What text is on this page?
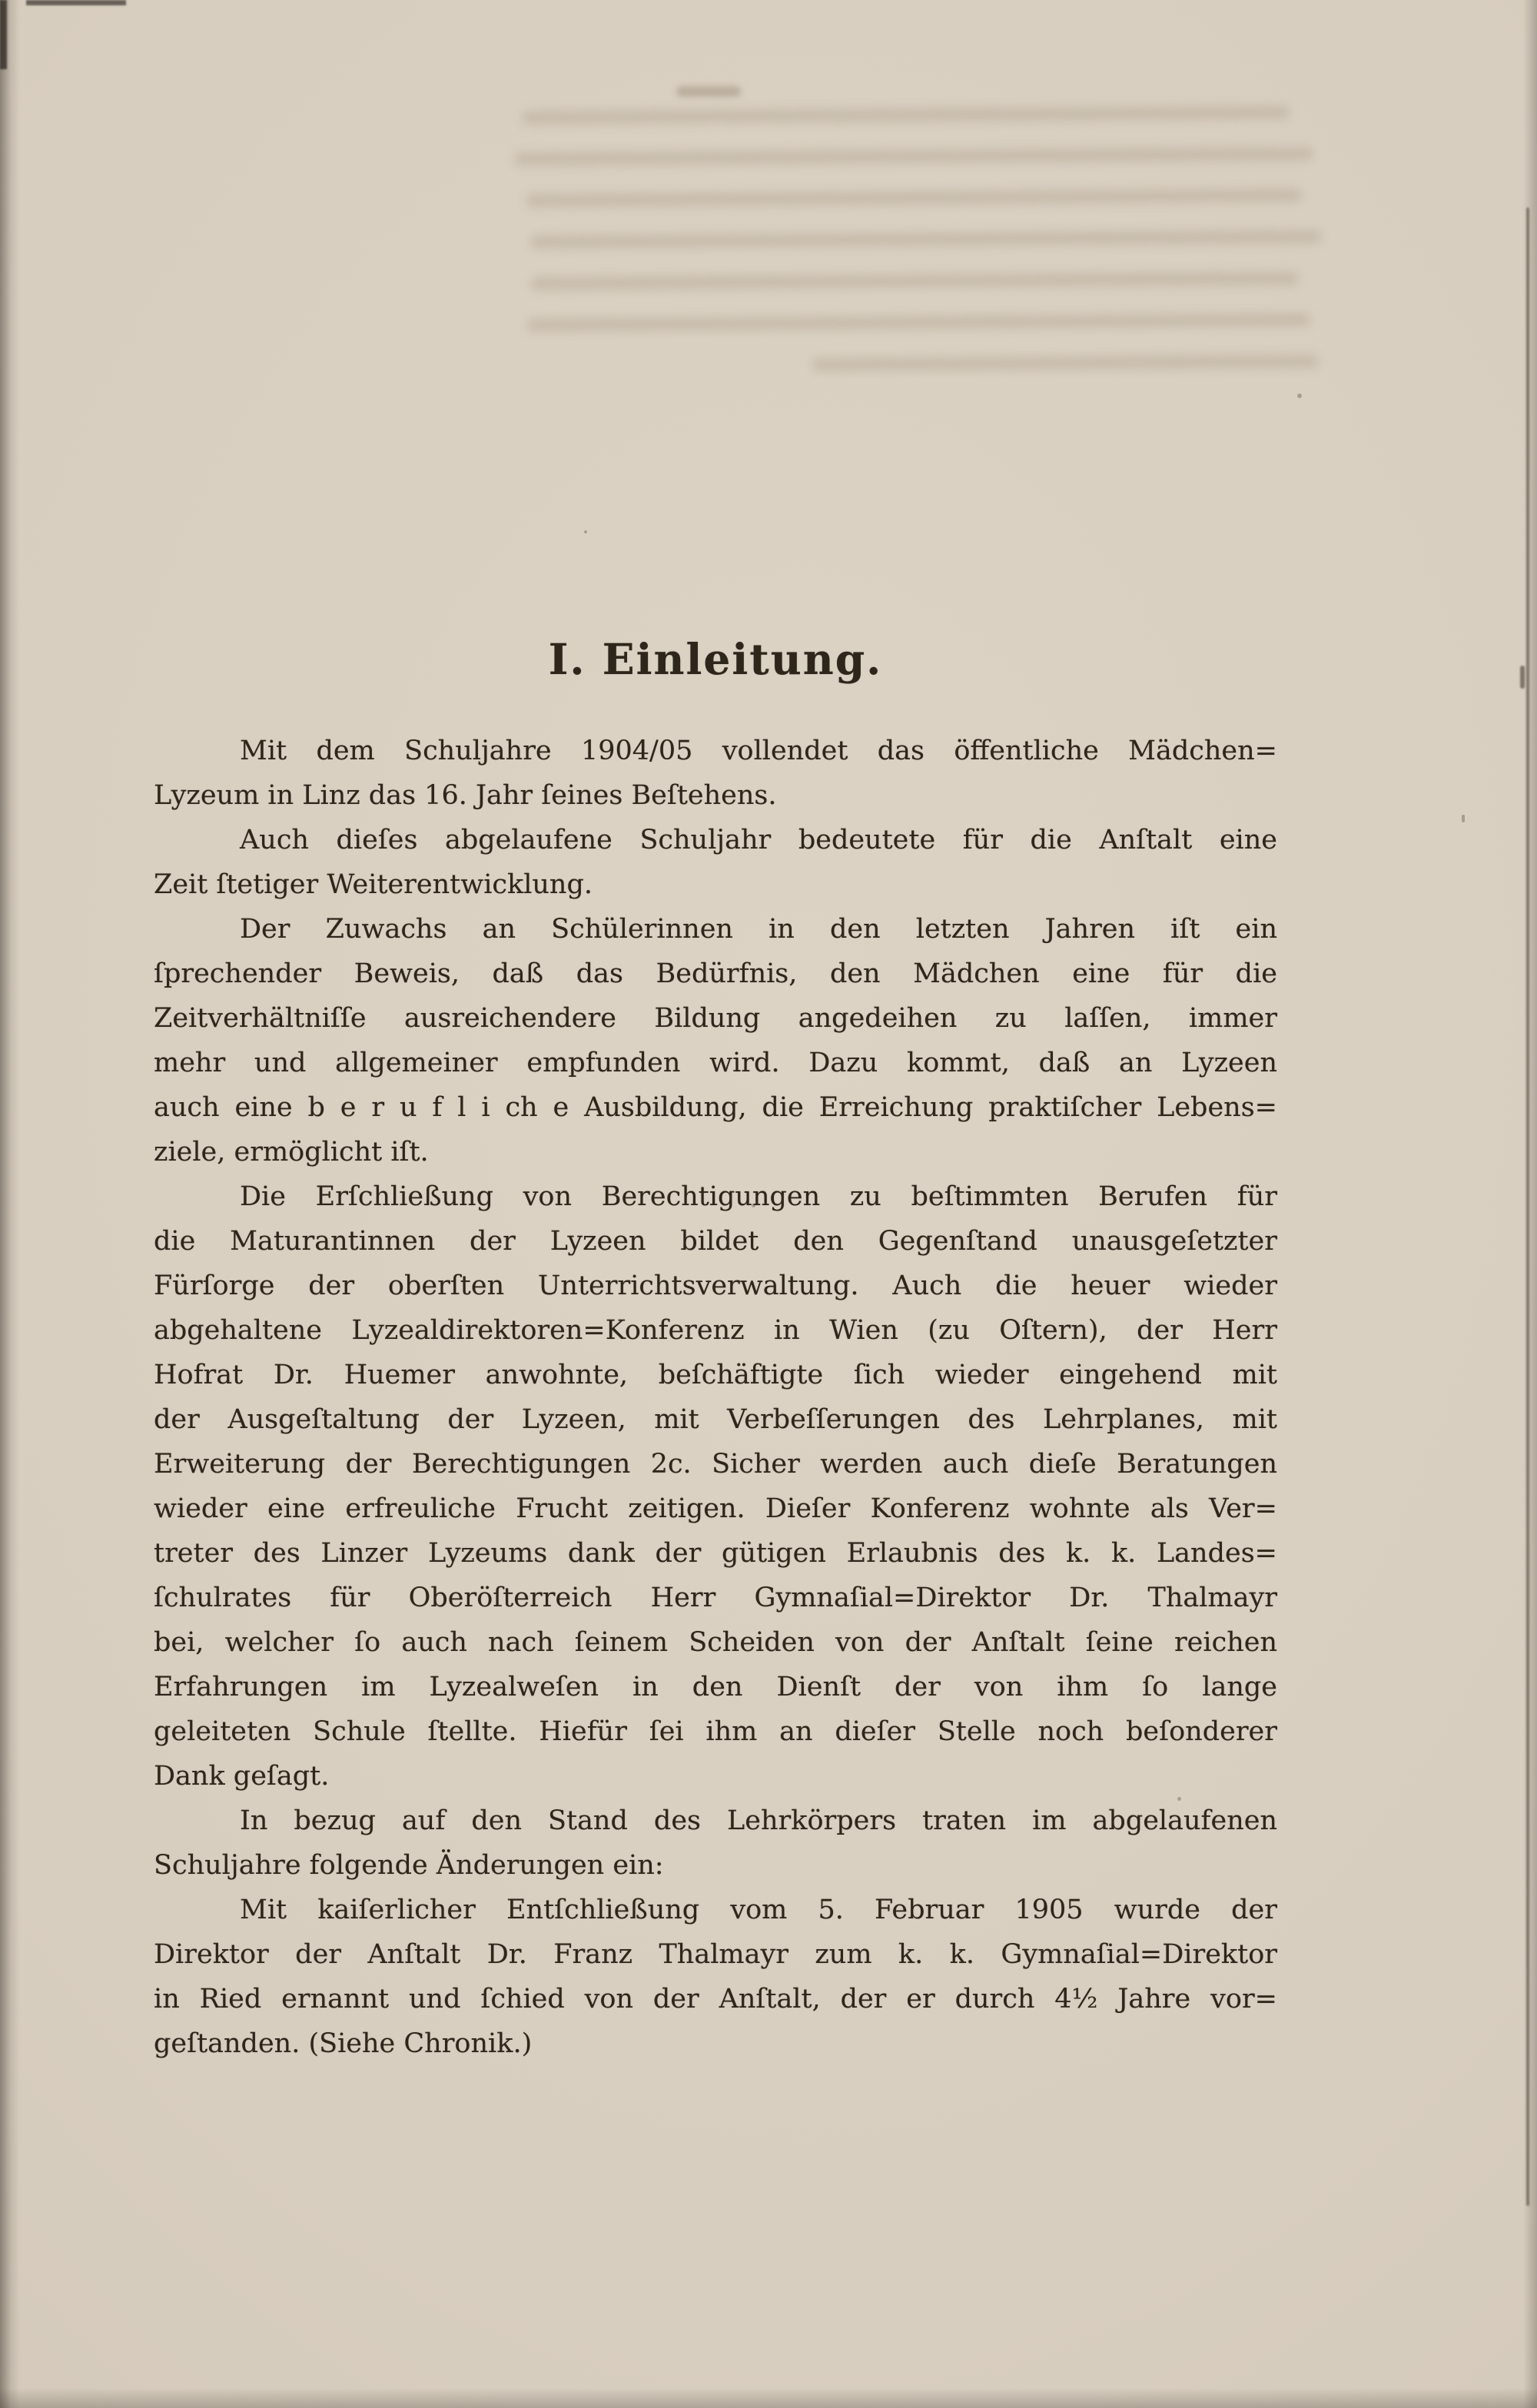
I. Einleitung.
Mit dem Schuljahre 1904/05 vollendet das öffentliche Mädchen=
Lyzeum in Linz das 16. Jahr ſeines Beſtehens.
Auch dieſes abgelaufene Schuljahr bedeutete für die Anſtalt eine
Zeit ſtetiger Weiterentwicklung.
Der Zuwachs an Schülerinnen in den letzten Jahren iſt ein
ſprechender Beweis, daß das Bedürfnis, den Mädchen eine für die
Zeitverhältniſſe ausreichendere Bildung angedeihen zu laſſen, immer
mehr und allgemeiner empfunden wird. Dazu kommt, daß an Lyzeen
auch eine b e r u f l i ch e Ausbildung, die Erreichung praktiſcher Lebens=
ziele, ermöglicht iſt.
Die Erſchließung von Berechtigungen zu beſtimmten Berufen für
die Maturantinnen der Lyzeen bildet den Gegenſtand unausgeſetzter
Fürſorge der oberſten Unterrichtsverwaltung. Auch die heuer wieder
abgehaltene Lyzealdirektoren=Konferenz in Wien (zu Oſtern), der Herr
Hofrat Dr. Huemer anwohnte, beſchäftigte ſich wieder eingehend mit
der Ausgeſtaltung der Lyzeen, mit Verbeſſerungen des Lehrplanes, mit
Erweiterung der Berechtigungen 2c. Sicher werden auch dieſe Beratungen
wieder eine erfreuliche Frucht zeitigen. Dieſer Konferenz wohnte als Ver=
treter des Linzer Lyzeums dank der gütigen Erlaubnis des k. k. Landes=
ſchulrates für Oberöſterreich Herr Gymnaſial=Direktor Dr. Thalmayr
bei, welcher ſo auch nach ſeinem Scheiden von der Anſtalt ſeine reichen
Erfahrungen im Lyzealweſen in den Dienſt der von ihm ſo lange
geleiteten Schule ſtellte. Hiefür ſei ihm an dieſer Stelle noch beſonderer
Dank geſagt.
In bezug auf den Stand des Lehrkörpers traten im abgelaufenen
Schuljahre folgende Änderungen ein:
Mit kaiſerlicher Entſchließung vom 5. Februar 1905 wurde der
Direktor der Anſtalt Dr. Franz Thalmayr zum k. k. Gymnaſial=Direktor
in Ried ernannt und ſchied von der Anſtalt, der er durch 4½ Jahre vor=
geſtanden. (Siehe Chronik.)
